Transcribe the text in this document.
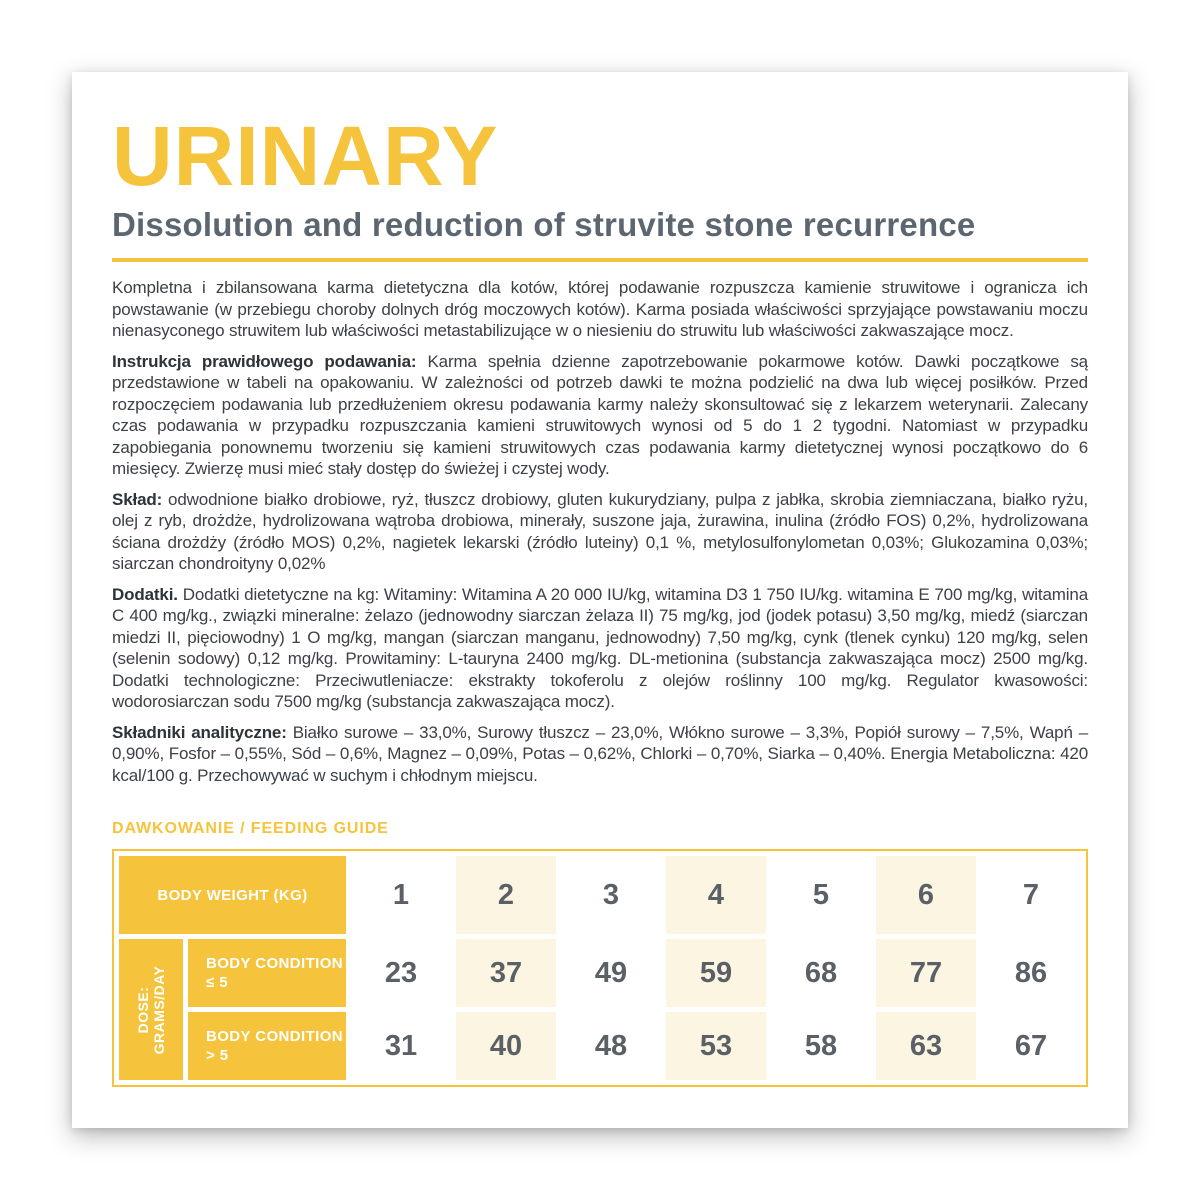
URINARY
Dissolution and reduction of struvite stone recurrence

Kompletna i zbilansowana karma dietetyczna dla kotów, której podawanie rozpuszcza kamienie struwitowe i ogranicza ich powstawanie (w przebiegu choroby dolnych dróg moczowych kotów). Karma posiada właściwości sprzyjające powstawaniu moczu nienasyconego struwitem lub właściwości metastabilizujące w o niesieniu do struwitu lub właściwości zakwaszające mocz.

Instrukcja prawidłowego podawania: Karma spełnia dzienne zapotrzebowanie pokarmowe kotów. Dawki początkowe są przedstawione w tabeli na opakowaniu. W zależności od potrzeb dawki te można podzielić na dwa lub więcej posiłków. Przed rozpoczęciem podawania lub przedłużeniem okresu podawania karmy należy skonsultować się z lekarzem weterynarii. Zalecany czas podawania w przypadku rozpuszczania kamieni struwitowych wynosi od 5 do 1 2 tygodni. Natomiast w przypadku zapobiegania ponownemu tworzeniu się kamieni struwitowych czas podawania karmy dietetycznej wynosi początkowo do 6 miesięcy. Zwierzę musi mieć stały dostęp do świeżej i czystej wody.

Skład: odwodnione białko drobiowe, ryż, tłuszcz drobiowy, gluten kukurydziany, pulpa z jabłka, skrobia ziemniaczana, białko ryżu, olej z ryb, drożdże, hydrolizowana wątroba drobiowa, minerały, suszone jaja, żurawina, inulina (źródło FOS) 0,2%, hydrolizowana ściana drożdży (źródło MOS) 0,2%, nagietek lekarski (źródło luteiny) 0,1 %, metylosulfonylometan 0,03%; Glukozamina 0,03%; siarczan chondroityny 0,02%

Dodatki. Dodatki dietetyczne na kg: Witaminy: Witamina A 20 000 IU/kg, witamina D3 1 750 IU/kg. witamina E 700 mg/kg, witamina C 400 mg/kg., związki mineralne: żelazo (jednowodny siarczan żelaza II) 75 mg/kg, jod (jodek potasu) 3,50 mg/kg, miedź (siarczan miedzi II, pięciowodny) 1 O mg/kg, mangan (siarczan manganu, jednowodny) 7,50 mg/kg, cynk (tlenek cynku) 120 mg/kg, selen (selenin sodowy) 0,12 mg/kg. Prowitaminy: L-tauryna 2400 mg/kg. DL-metionina (substancja zakwaszająca mocz) 2500 mg/kg. Dodatki technologiczne: Przeciwutleniacze: ekstrakty tokoferolu z olejów roślinny 100 mg/kg. Regulator kwasowości: wodorosiarczan sodu 7500 mg/kg (substancja zakwaszająca mocz).

Składniki analityczne: Białko surowe – 33,0%, Surowy tłuszcz – 23,0%, Włókno surowe – 3,3%, Popiół surowy – 7,5%, Wapń – 0,90%, Fosfor – 0,55%, Sód – 0,6%, Magnez – 0,09%, Potas – 0,62%, Chlorki – 0,70%, Siarka – 0,40%. Energia Metaboliczna: 420 kcal/100 g. Przechowywać w suchym i chłodnym miejscu.

DAWKOWANIE / FEEDING GUIDE
BODY WEIGHT (KG)	1	2	3	4	5	6	7
DOSE: GRAMS/DAY
BODY CONDITION ≤ 5	23	37	49	59	68	77	86
BODY CONDITION > 5	31	40	48	53	58	63	67
